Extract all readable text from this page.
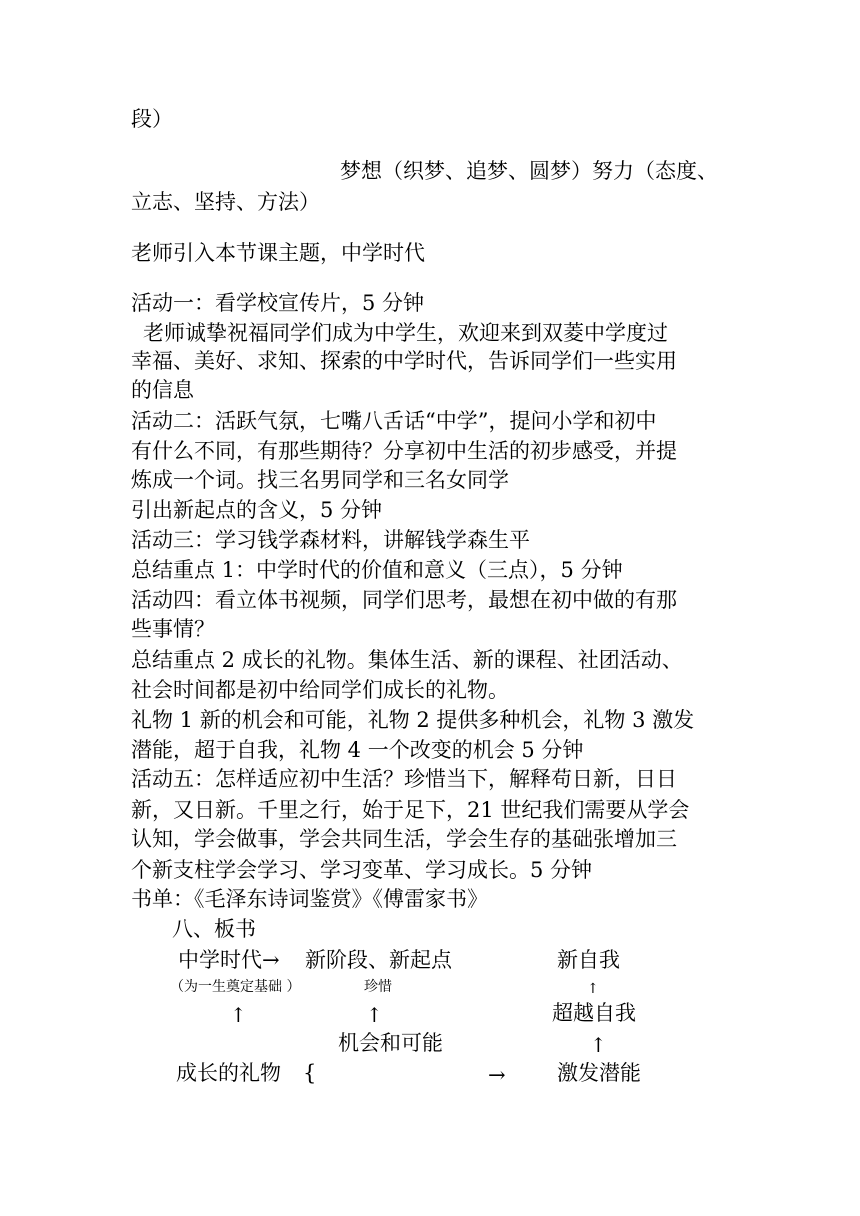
段）
梦想（织梦、追梦、圆梦）努力（态度、
立志、坚持、方法）
老师引入本节课主题，中学时代
活动一：看学校宣传片，5 分钟
老师诚挚祝福同学们成为中学生，欢迎来到双菱中学度过
幸福、美好、求知、探索的中学时代，告诉同学们一些实用
的信息
活动二：活跃气氛，七嘴八舌话“中学”，提问小学和初中
有什么不同，有那些期待？分享初中生活的初步感受，并提
炼成一个词。找三名男同学和三名女同学
引出新起点的含义，5 分钟
活动三：学习钱学森材料，讲解钱学森生平
总结重点 1：中学时代的价值和意义（三点），5 分钟
活动四：看立体书视频，同学们思考，最想在初中做的有那
些事情？
总结重点 2 成长的礼物。集体生活、新的课程、社团活动、
社会时间都是初中给同学们成长的礼物。
礼物 1 新的机会和可能，礼物 2 提供多种机会，礼物 3 激发
潜能，超于自我，礼物 4 一个改变的机会 5 分钟
活动五：怎样适应初中生活？珍惜当下，解释苟日新，日日
新，又日新。千里之行，始于足下，21 世纪我们需要从学会
认知，学会做事，学会共同生活，学会生存的基础张增加三
个新支柱学会学习、学习变革、学习成长。5 分钟
书单：《毛泽东诗词鉴赏》《傅雷家书》
八、板书
中学时代→ 新阶段、新起点	新自我
（为一生奠定基础 ）	珍惜	↑
↑	↑	超越自我
机会和可能	↑
成长的礼物 {	→ 激发潜能
